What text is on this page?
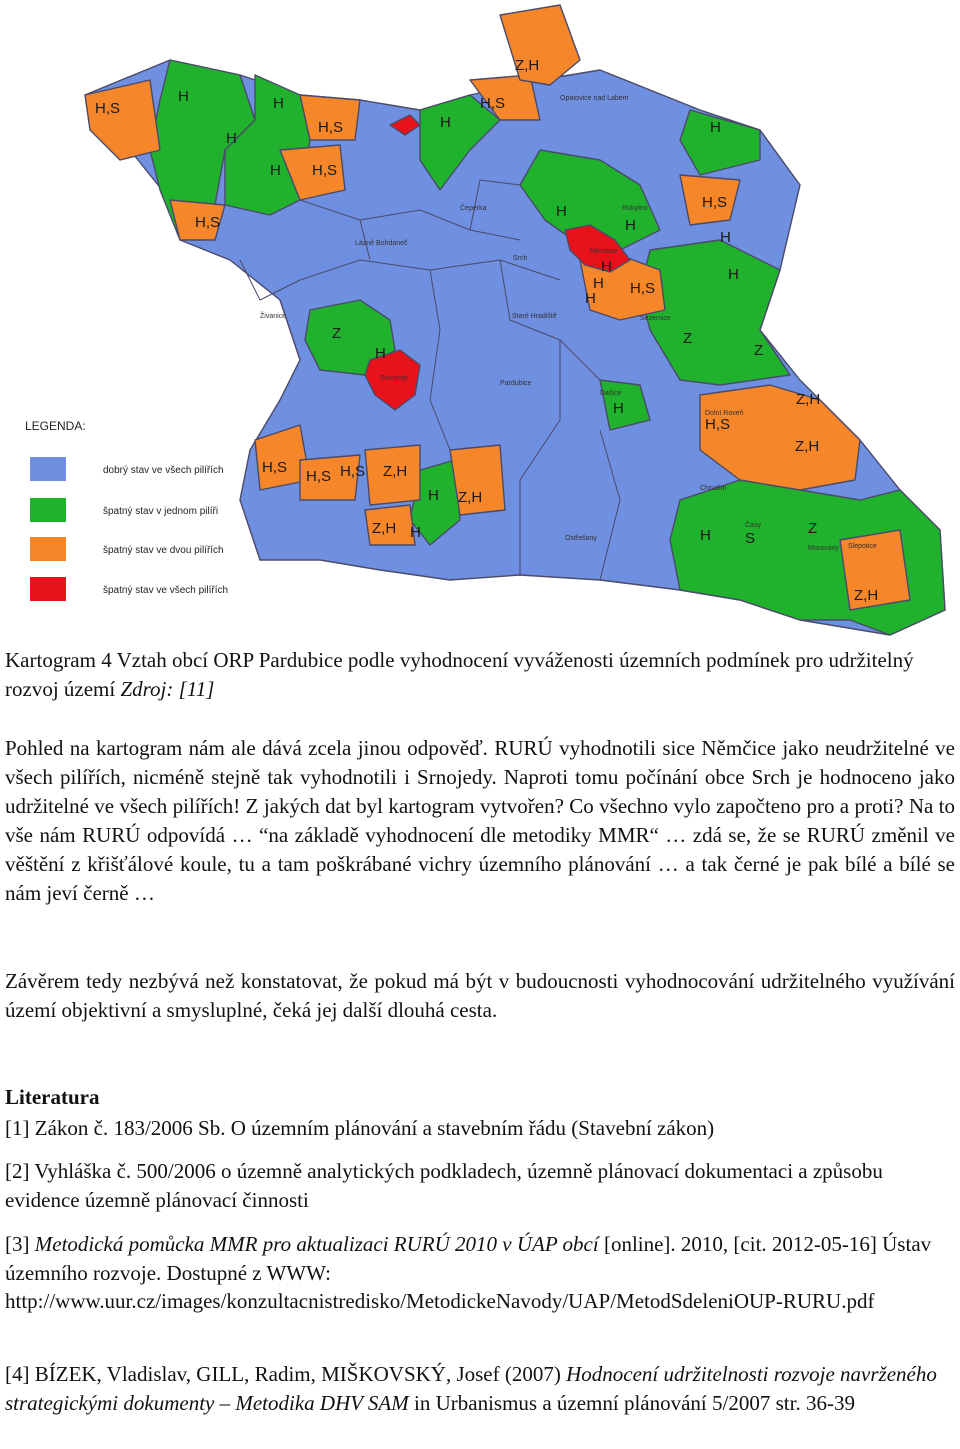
H,S
H	H
H,S
H
H,S
H
H
H,S
H,S
H
Z,H
H
H
H,S
H
H
H
H,S
H
H
H,S
Z
Z
H
Z
H
H,S	Z,H
H,S H,S
Z,H H
Z,H
Z,H
H
Z,H
H S
Z
Z,H
Pardubice
Srch
Lázně Bohdaneč
Němčice
Sezemice
Srnojedy
Dašice
Moravany
Staré Hradiště
Čeperka
Opatovice nad Labem
Živanice
Chrudim
Rokytno
Slepotice
Ostřešany
Časy
Dolní Roveň
LEGENDA:
dobrý stav ve všech pilířích
špatný stav v jednom pilíři
špatný stav ve dvou pilířích
špatný stav ve všech pilířích

Kartogram 4 Vztah obcí ORP Pardubice podle vyhodnocení vyváženosti územních podmínek pro udržitelný rozvoj území Zdroj: [11]

Pohled na kartogram nám ale dává zcela jinou odpověď. RURÚ vyhodnotili sice Němčice jako neudržitelné ve všech pilířích, nicméně stejně tak vyhodnotili i Srnojedy. Naproti tomu počínání obce Srch je hodnoceno jako udržitelné ve všech pilířích! Z jakých dat byl kartogram vytvořen? Co všechno vylo započteno pro a proti? Na to vše nám RURÚ odpovídá … “na základě vyhodnocení dle metodiky MMR“ … zdá se, že se RURÚ změnil ve věštění z křišťálové koule, tu a tam poškrábané vichry územního plánování … a tak černé je pak bílé a bílé se nám jeví černě …

Závěrem tedy nezbývá než konstatovat, že pokud má být v budoucnosti vyhodnocování udržitelného využívání území objektivní a smysluplné, čeká jej další dlouhá cesta.

Literatura

[1] Zákon č. 183/2006 Sb. O územním plánování a stavebním řádu (Stavební zákon)

[2] Vyhláška č. 500/2006 o územně analytických podkladech, územně plánovací dokumentaci a způsobu evidence územně plánovací činnosti

[3] Metodická pomůcka MMR pro aktualizaci RURÚ 2010 v ÚAP obcí [online]. 2010, [cit. 2012-05-16] Ústav územního rozvoje. Dostupné z WWW: http://www.uur.cz/images/konzultacnistredisko/MetodickeNavody/UAP/MetodSdeleniOUP-RURU.pdf

[4] BÍZEK, Vladislav, GILL, Radim, MIŠKOVSKÝ, Josef (2007) Hodnocení udržitelnosti rozvoje navrženého strategickými dokumenty – Metodika DHV SAM in Urbanismus a územní plánování 5/2007 str. 36-39
